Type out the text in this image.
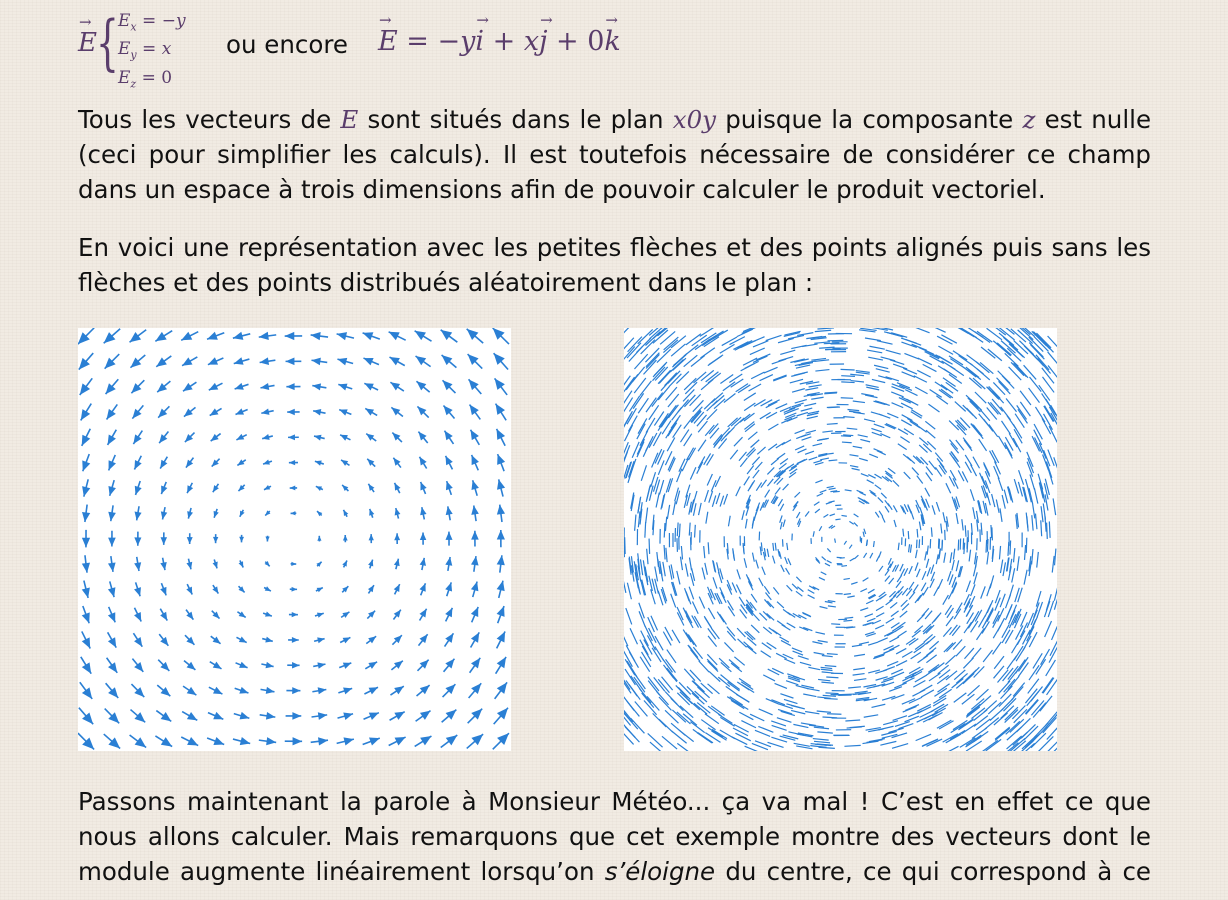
→ E { $E_x = -y$
$E_y = x$
$E_z = 0$
ou encore
→ E = −y→ i + x→ j + 0→ k
Tous les vecteurs de E sont situés dans le plan x0y puisque la composante z est nulle
(ceci pour simplifier les calculs). Il est toutefois nécessaire de considérer ce champ
dans un espace à trois dimensions afin de pouvoir calculer le produit vectoriel.
En voici une représentation avec les petites flèches et des points alignés puis sans les
flèches et des points distribués aléatoirement dans le plan :
Passons maintenant la parole à Monsieur Météo... ça va mal ! C’est en effet ce que
nous allons calculer. Mais remarquons que cet exemple montre des vecteurs dont le
module augmente linéairement lorsqu’on s’éloigne du centre, ce qui correspond à ce
